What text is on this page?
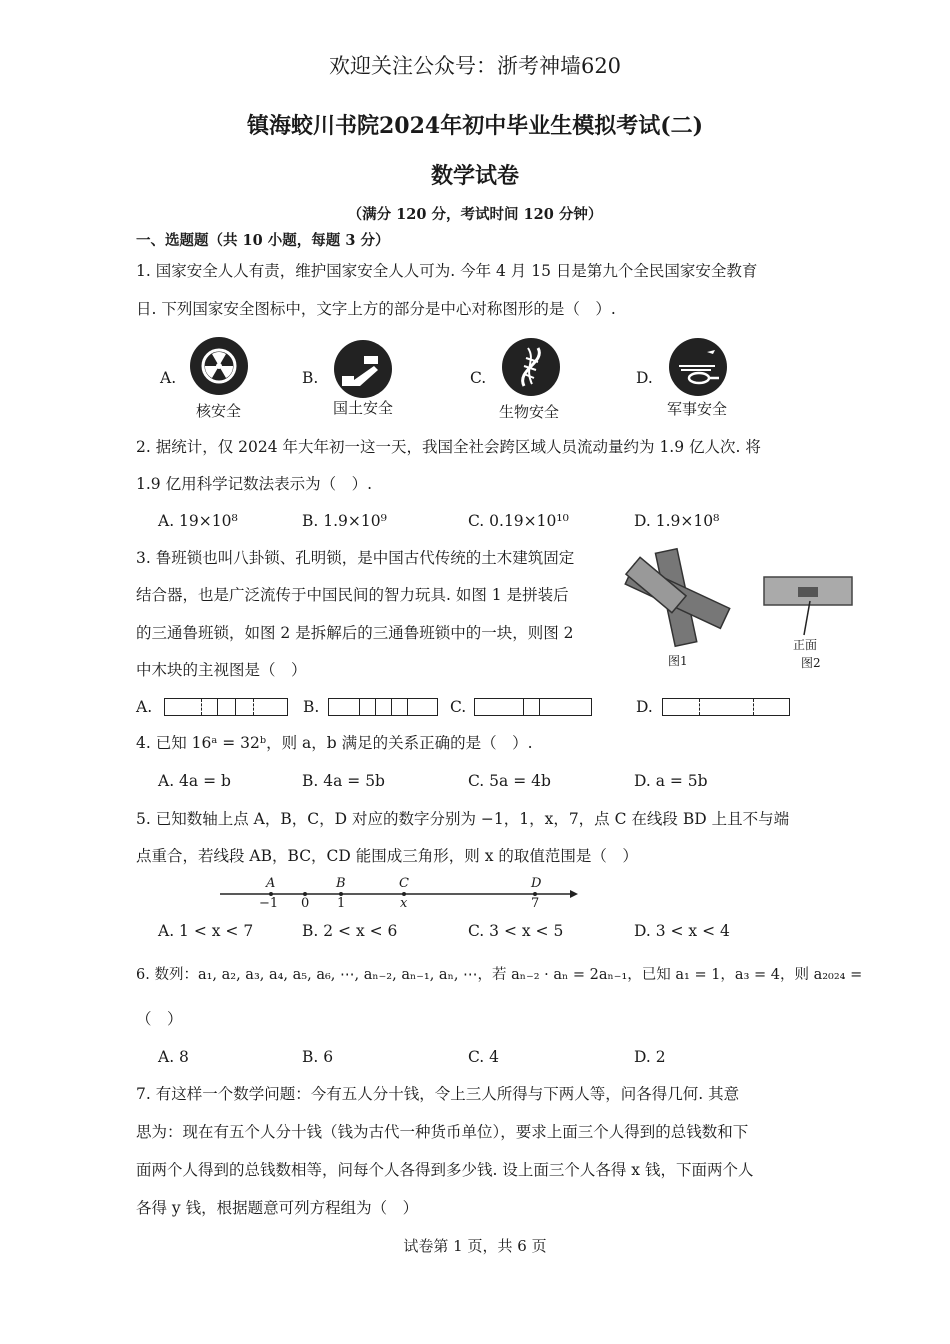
欢迎关注公众号：浙考神墙620
镇海蛟川书院2024年初中毕业生模拟考试(二)
数学试卷
（满分 120 分，考试时间 120 分钟）
一、选题题（共 10 小题，每题 3 分）
1. 国家安全人人有责，维护国家安全人人可为. 今年 4 月 15 日是第九个全民国家安全教育
日. 下列国家安全图标中，文字上方的部分是中心对称图形的是（　）.
A.
核安全
B.
国土安全
C.
生物安全
D.
军事安全
2. 据统计，仅 2024 年大年初一这一天，我国全社会跨区域人员流动量约为 1.9 亿人次. 将
1.9 亿用科学记数法表示为（　）.
A. 19×10⁸	B. 1.9×10⁹	C. 0.19×10¹⁰	D. 1.9×10⁸
3. 鲁班锁也叫八卦锁、孔明锁，是中国古代传统的土木建筑固定
结合器，也是广泛流传于中国民间的智力玩具. 如图 1 是拼装后
的三通鲁班锁，如图 2 是拆解后的三通鲁班锁中的一块，则图 2
中木块的主视图是（　）	图1
正面
图2
A.	B.	C.	D.
4. 已知 16ᵃ = 32ᵇ，则 a，b 满足的关系正确的是（　）.
A. 4a = b	B. 4a = 5b	C. 5a = 4b	D. a = 5b
5. 已知数轴上点 A，B，C，D 对应的数字分别为 −1，1，x，7，点 C 在线段 BD 上且不与端
点重合，若线段 AB，BC，CD 能围成三角形，则 x 的取值范围是（　）
A	B	C	D
−1 0 1	x	7
A. 1 < x < 7	B. 2 < x < 6	C. 3 < x < 5	D. 3 < x < 4
6. 数列：a₁, a₂, a₃, a₄, a₅, a₆, ⋯, aₙ₋₂, aₙ₋₁, aₙ, ⋯，若 aₙ₋₂ · aₙ = 2aₙ₋₁，已知 a₁ = 1，a₃ = 4，则 a₂₀₂₄ =
（　）
A. 8	B. 6	C. 4	D. 2
7. 有这样一个数学问题：今有五人分十钱，令上三人所得与下两人等，问各得几何. 其意
思为：现在有五个人分十钱（钱为古代一种货币单位），要求上面三个人得到的总钱数和下
面两个人得到的总钱数相等，问每个人各得到多少钱. 设上面三个人各得 x 钱，下面两个人
各得 y 钱，根据题意可列方程组为（　）
试卷第 1 页，共 6 页
